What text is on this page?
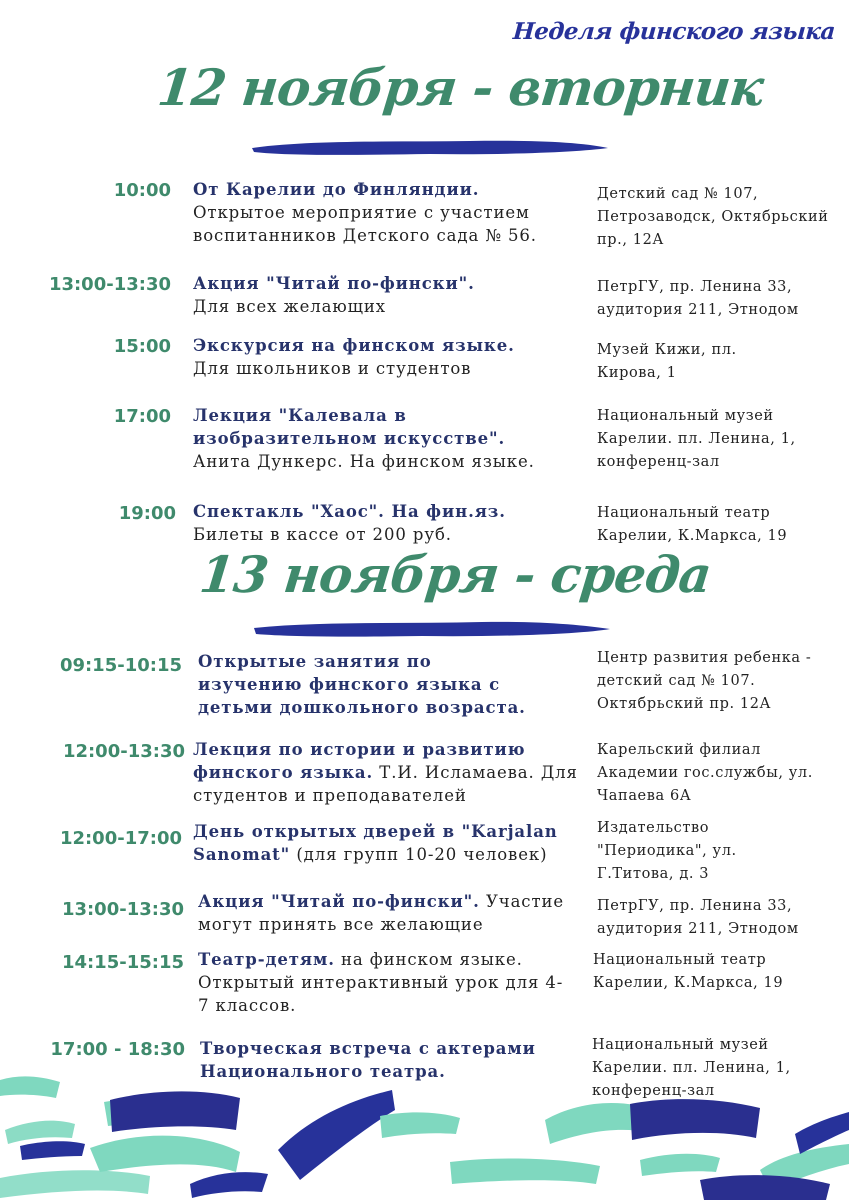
Неделя финского языка
12 ноября - вторник
10:00 От Карелии до Финляндии.
Открытое мероприятие с участием воспитанников Детского сада № 56.
Детский сад № 107, Петрозаводск, Октябрьский пр., 12А
13:00-13:30 Акция "Читай по-фински".
Для всех желающих
ПетрГУ, пр. Ленина 33, аудитория 211, Этнодом
15:00 Экскурсия на финском языке.
Для школьников и студентов
Музей Кижи, пл. Кирова, 1
17:00 Лекция "Калевала в изобразительном искусстве".
Анита Дункерс. На финском языке.
Национальный музей Карелии. пл. Ленина, 1, конференц-зал
19:00 Спектакль "Хаос". На фин.яз.
Билеты в кассе от 200 руб.
Национальный театр Карелии, К.Маркса, 19
13 ноября - среда
09:15-10:15 Открытые занятия по изучению финского языка с детьми дошкольного возраста.
Центр развития ребенка - детский сад № 107. Октябрьский пр. 12А
12:00-13:30 Лекция по истории и развитию финского языка. Т.И. Исламаева. Для студентов и преподавателей
Карельский филиал Академии гос.службы, ул. Чапаева 6А
12:00-17:00 День открытых дверей в "Karjalan Sanomat" (для групп 10-20 человек)
Издательство "Периодика", ул. Г.Титова, д. 3
13:00-13:30 Акция "Читай по-фински". Участие могут принять все желающие
ПетрГУ, пр. Ленина 33, аудитория 211, Этнодом
14:15-15:15 Театр-детям. на финском языке. Открытый интерактивный урок для 4-7 классов.
Национальный театр Карелии, К.Маркса, 19
17:00 - 18:30 Творческая встреча с актерами Национального театра.
Национальный музей Карелии. пл. Ленина, 1, конференц-зал
